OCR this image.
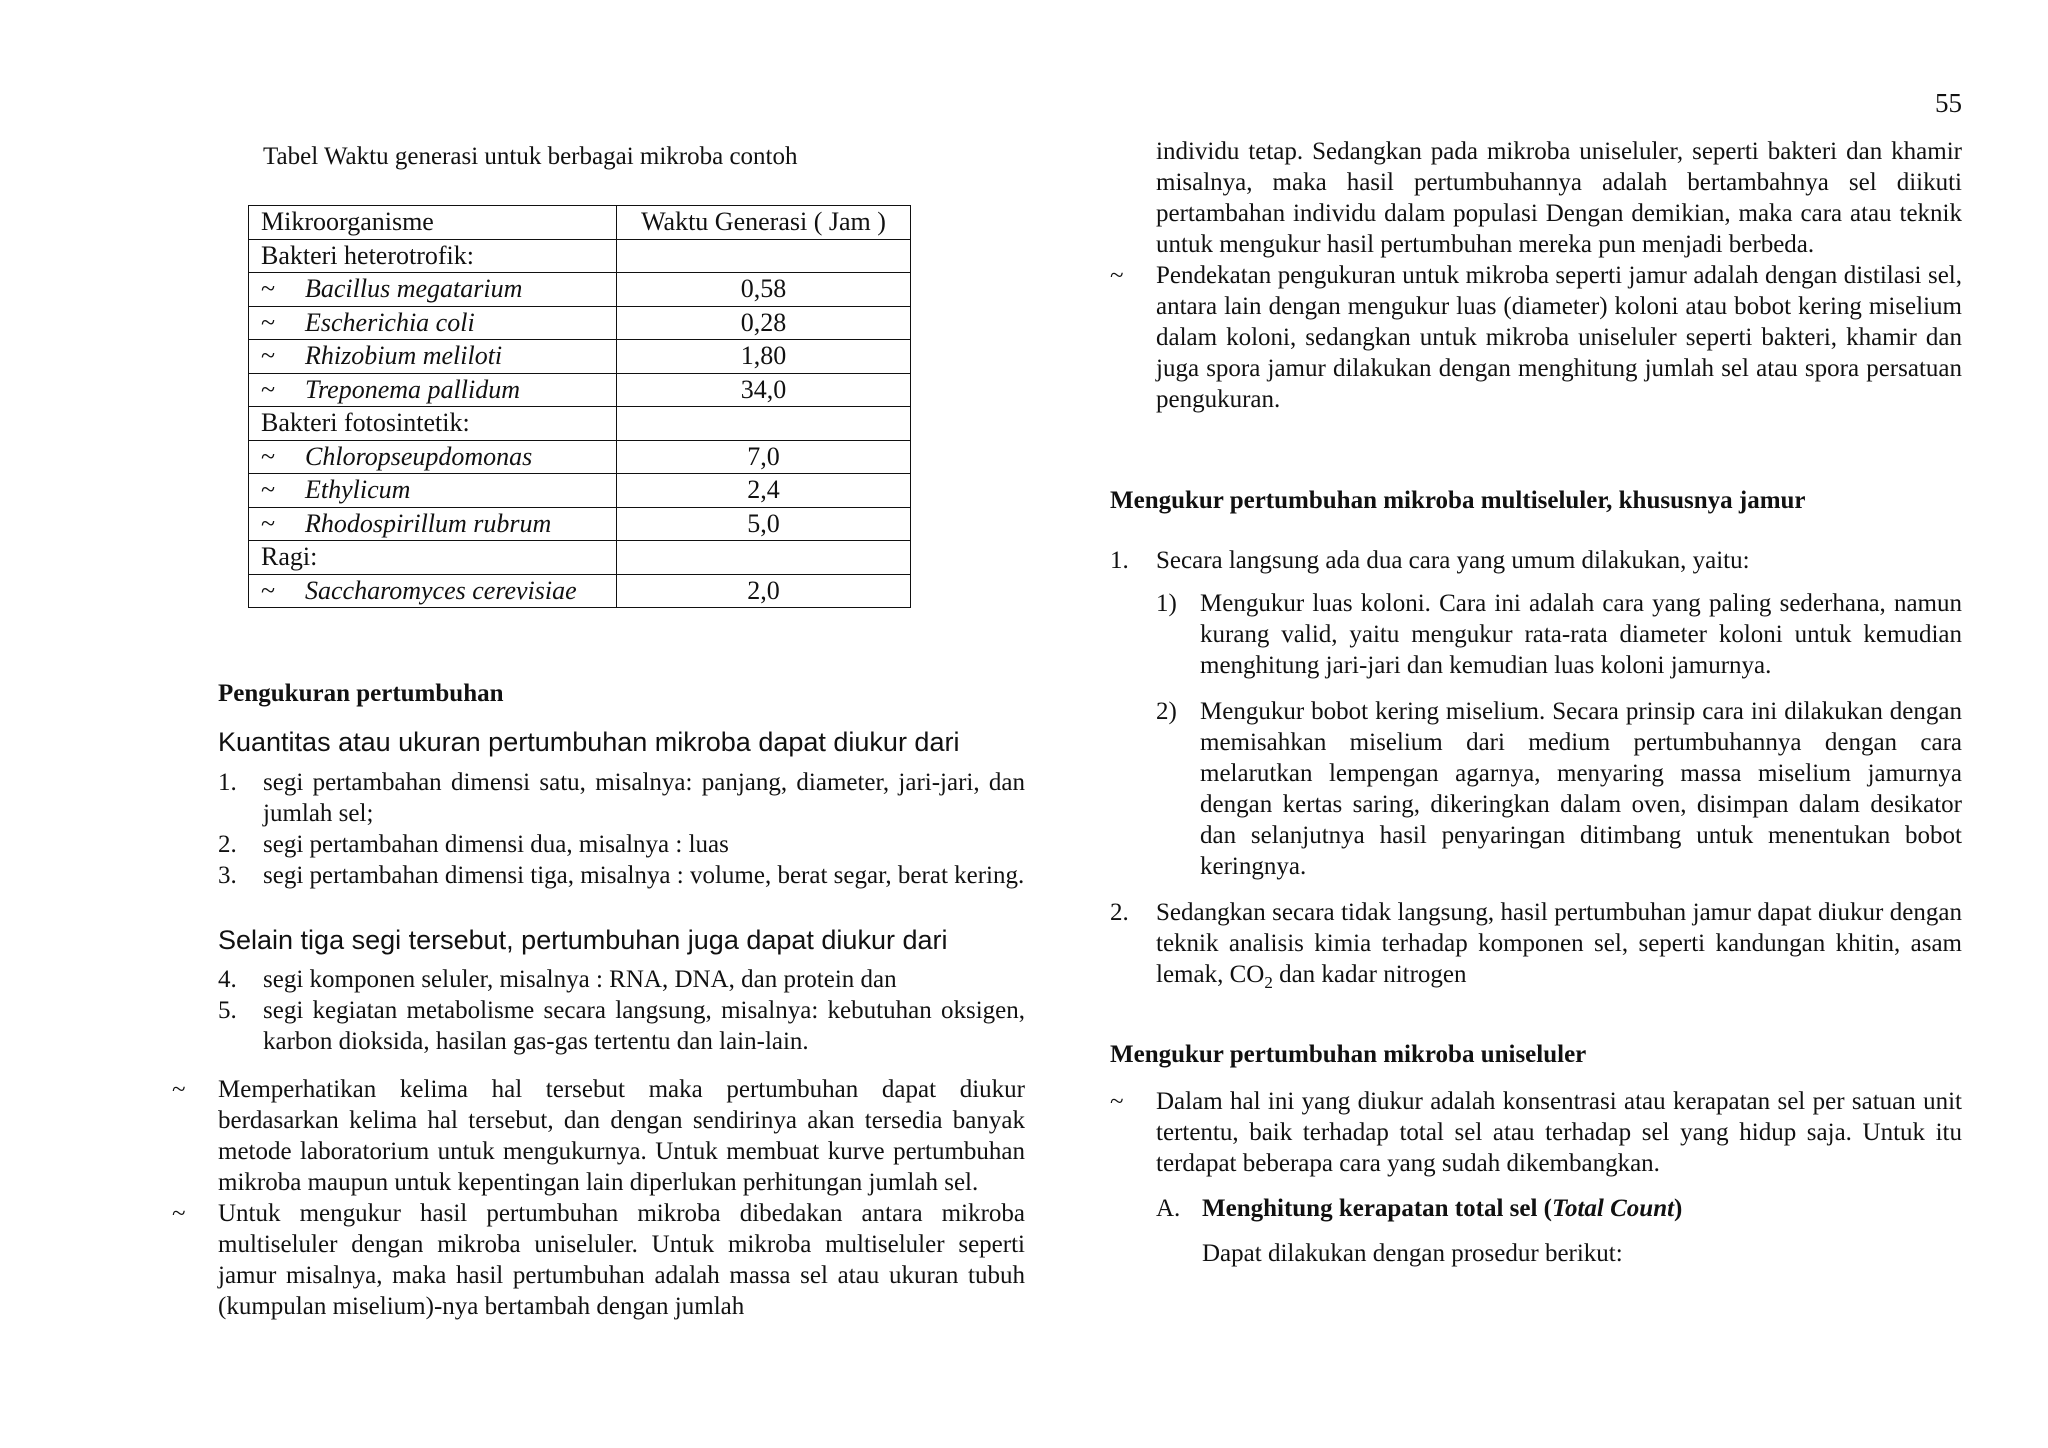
55
Tabel Waktu generasi untuk berbagai mikroba contoh
Mikroorganisme	Waktu Generasi ( Jam )
Bakteri heterotrofik:	
~ Bacillus megatarium	0,58
~ Escherichia coli	0,28
~ Rhizobium meliloti	1,80
~ Treponema pallidum	34,0
Bakteri fotosintetik:	
~ Chloropseupdomonas	7,0
~ Ethylicum	2,4
~ Rhodospirillum rubrum	5,0
Ragi:	
~ Saccharomyces cerevisiae	2,0
Pengukuran pertumbuhan
Kuantitas atau ukuran pertumbuhan mikroba dapat diukur dari
1. segi pertambahan dimensi satu, misalnya: panjang, diameter, jari-jari, dan jumlah sel;
2. segi pertambahan dimensi dua, misalnya : luas
3. segi pertambahan dimensi tiga, misalnya : volume, berat segar, berat kering.
Selain tiga segi tersebut, pertumbuhan juga dapat diukur dari
4. segi komponen seluler, misalnya : RNA, DNA, dan protein dan
5. segi kegiatan metabolisme secara langsung, misalnya: kebutuhan oksigen, karbon dioksida, hasilan gas-gas tertentu dan lain-lain.
~ Memperhatikan kelima hal tersebut maka pertumbuhan dapat diukur berdasarkan kelima hal tersebut, dan dengan sendirinya akan tersedia banyak metode laboratorium untuk mengukurnya. Untuk membuat kurve pertumbuhan mikroba maupun untuk kepentingan lain diperlukan perhitungan jumlah sel.
~ Untuk mengukur hasil pertumbuhan mikroba dibedakan antara mikroba multiseluler dengan mikroba uniseluler. Untuk mikroba multiseluler seperti jamur misalnya, maka hasil pertumbuhan adalah massa sel atau ukuran tubuh (kumpulan miselium)-nya bertambah dengan jumlah
individu tetap. Sedangkan pada mikroba uniseluler, seperti bakteri dan khamir misalnya, maka hasil pertumbuhannya adalah bertambahnya sel diikuti pertambahan individu dalam populasi Dengan demikian, maka cara atau teknik untuk mengukur hasil pertumbuhan mereka pun menjadi berbeda.
~ Pendekatan pengukuran untuk mikroba seperti jamur adalah dengan distilasi sel, antara lain dengan mengukur luas (diameter) koloni atau bobot kering miselium dalam koloni, sedangkan untuk mikroba uniseluler seperti bakteri, khamir dan juga spora jamur dilakukan dengan menghitung jumlah sel atau spora persatuan pengukuran.
Mengukur pertumbuhan mikroba multiseluler, khususnya jamur
1. Secara langsung ada dua cara yang umum dilakukan, yaitu:
1) Mengukur luas koloni. Cara ini adalah cara yang paling sederhana, namun kurang valid, yaitu mengukur rata-rata diameter koloni untuk kemudian menghitung jari-jari dan kemudian luas koloni jamurnya.
2) Mengukur bobot kering miselium. Secara prinsip cara ini dilakukan dengan memisahkan miselium dari medium pertumbuhannya dengan cara melarutkan lempengan agarnya, menyaring massa miselium jamurnya dengan kertas saring, dikeringkan dalam oven, disimpan dalam desikator dan selanjutnya hasil penyaringan ditimbang untuk menentukan bobot keringnya.
2. Sedangkan secara tidak langsung, hasil pertumbuhan jamur dapat diukur dengan teknik analisis kimia terhadap komponen sel, seperti kandungan khitin, asam lemak, $CO_2$ dan kadar nitrogen
Mengukur pertumbuhan mikroba uniseluler
~ Dalam hal ini yang diukur adalah konsentrasi atau kerapatan sel per satuan unit tertentu, baik terhadap total sel atau terhadap sel yang hidup saja. Untuk itu terdapat beberapa cara yang sudah dikembangkan.
A. Menghitung kerapatan total sel (Total Count)
Dapat dilakukan dengan prosedur berikut:
